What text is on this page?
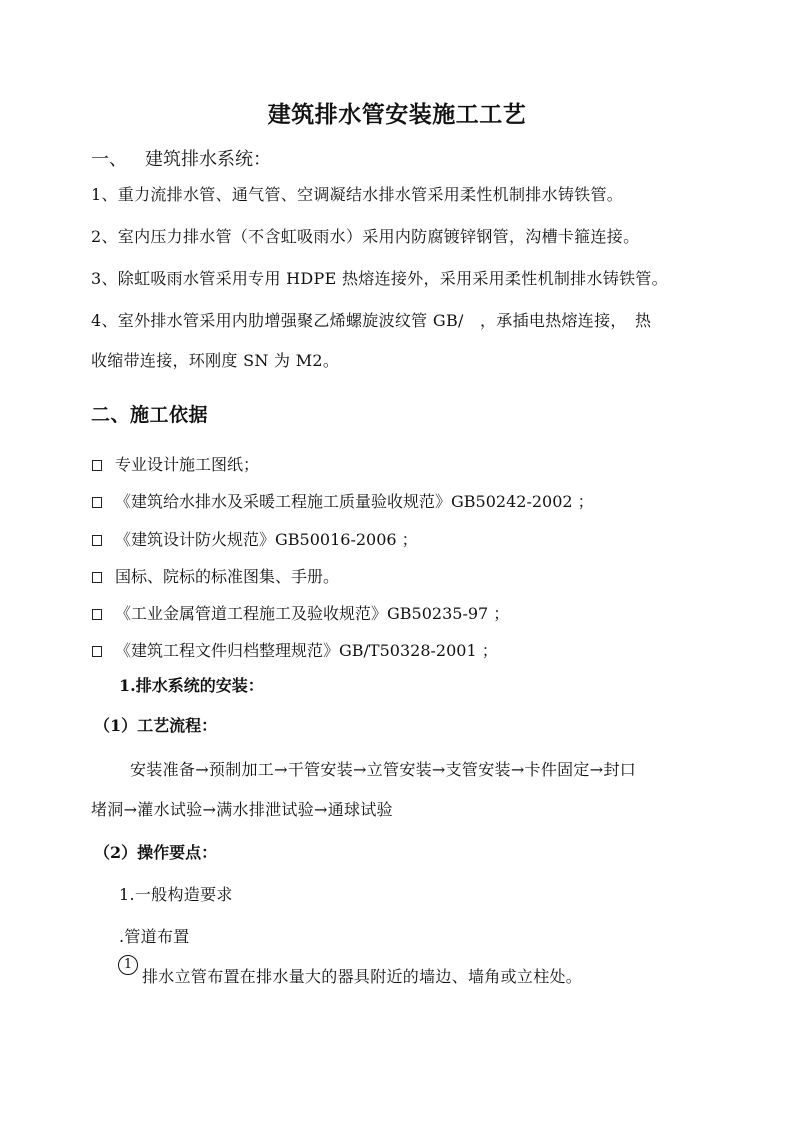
建筑排水管安装施工工艺
一、 建筑排水系统：
1、重力流排水管、通气管、空调凝结水排水管采用柔性机制排水铸铁管。
2、室内压力排水管（不含虹吸雨水）采用内防腐镀锌钢管，沟槽卡箍连接。
3、除虹吸雨水管采用专用 HDPE 热熔连接外，采用采用柔性机制排水铸铁管。
4、室外排水管采用内肋增强聚乙烯螺旋波纹管 GB/　，承插电热熔连接，　热
收缩带连接，环刚度 SN 为 M2。
二、施工依据
专业设计施工图纸；
《建筑给水排水及采暖工程施工质量验收规范》GB50242-2002 ；
《建筑设计防火规范》GB50016-2006 ；
国标、院标的标准图集、手册。
《工业金属管道工程施工及验收规范》GB50235-97 ；
《建筑工程文件归档整理规范》GB/T50328-2001 ；
1.排水系统的安装：
（1）工艺流程：
安装准备→预制加工→干管安装→立管安装→支管安装→卡件固定→封口
堵洞→灌水试验→满水排泄试验→通球试验
（2）操作要点：
1.一般构造要求
.管道布置
1
排水立管布置在排水量大的器具附近的墙边、墙角或立柱处。
